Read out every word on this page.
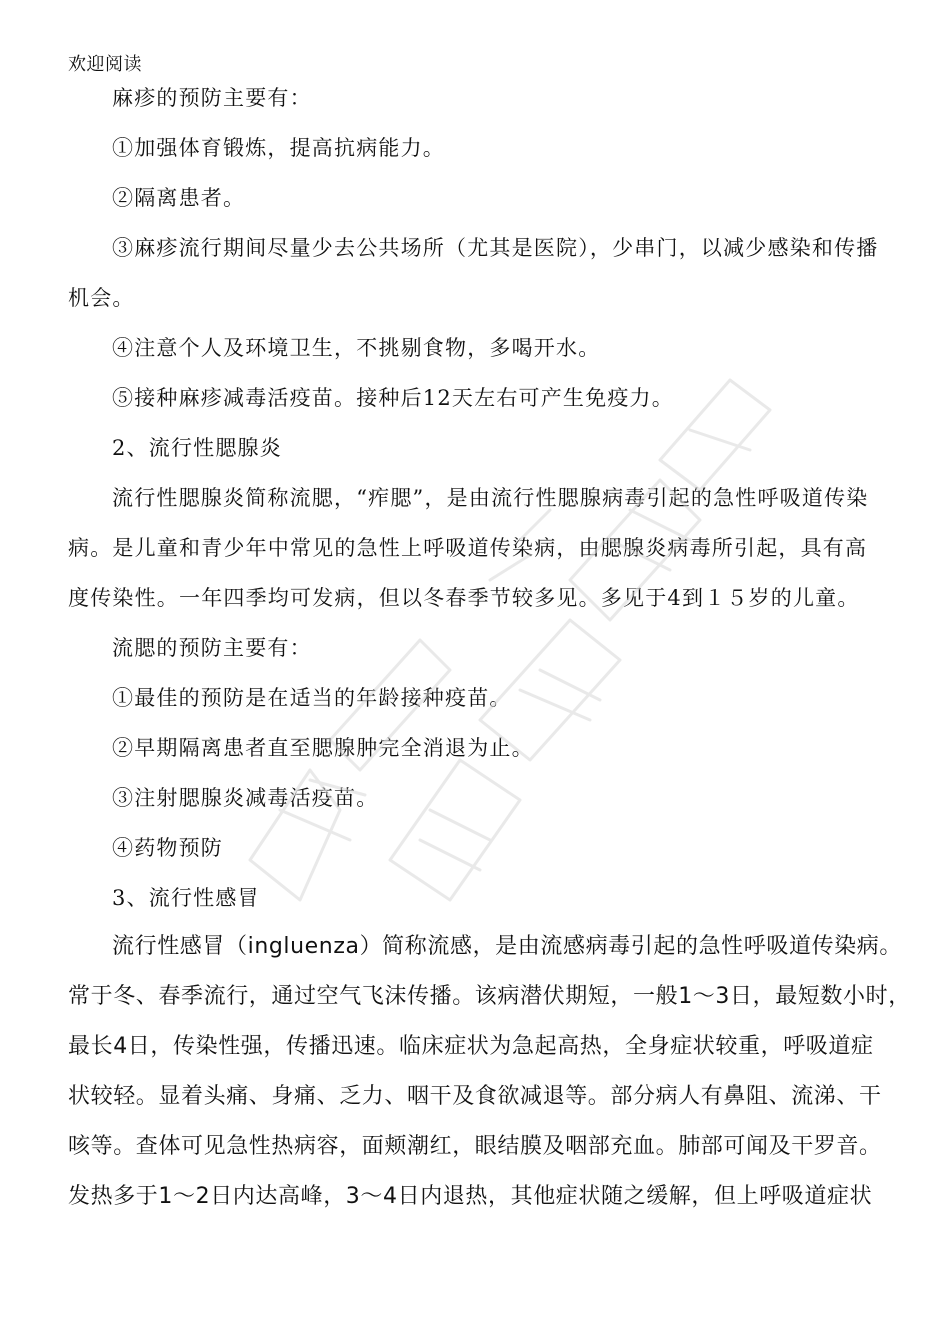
欢迎阅读
麻疹的预防主要有：
①加强体育锻炼，提高抗病能力。
②隔离患者。
③麻疹流行期间尽量少去公共场所（尤其是医院），少串门，以减少感染和传播
机会。
④注意个人及环境卫生，不挑剔食物，多喝开水。
⑤接种麻疹减毒活疫苗。接种后12天左右可产生免疫力。
2、流行性腮腺炎
流行性腮腺炎简称流腮，“痄腮”，是由流行性腮腺病毒引起的急性呼吸道传染
病。是儿童和青少年中常见的急性上呼吸道传染病，由腮腺炎病毒所引起，具有高
度传染性。一年四季均可发病，但以冬春季节较多见。多见于4到１５岁的儿童。
流腮的预防主要有：
①最佳的预防是在适当的年龄接种疫苗。
②早期隔离患者直至腮腺肿完全消退为止。
③注射腮腺炎减毒活疫苗。
④药物预防
3、流行性感冒
流行性感冒（ingluenza）简称流感，是由流感病毒引起的急性呼吸道传染病。
常于冬、春季流行，通过空气飞沫传播。该病潜伏期短，一般1～3日，最短数小时，
最长4日，传染性强，传播迅速。临床症状为急起高热，全身症状较重，呼吸道症
状较轻。显着头痛、身痛、乏力、咽干及食欲减退等。部分病人有鼻阻、流涕、干
咳等。查体可见急性热病容，面颊潮红，眼结膜及咽部充血。肺部可闻及干罗音。
发热多于1～2日内达高峰，3～4日内退热，其他症状随之缓解，但上呼吸道症状
